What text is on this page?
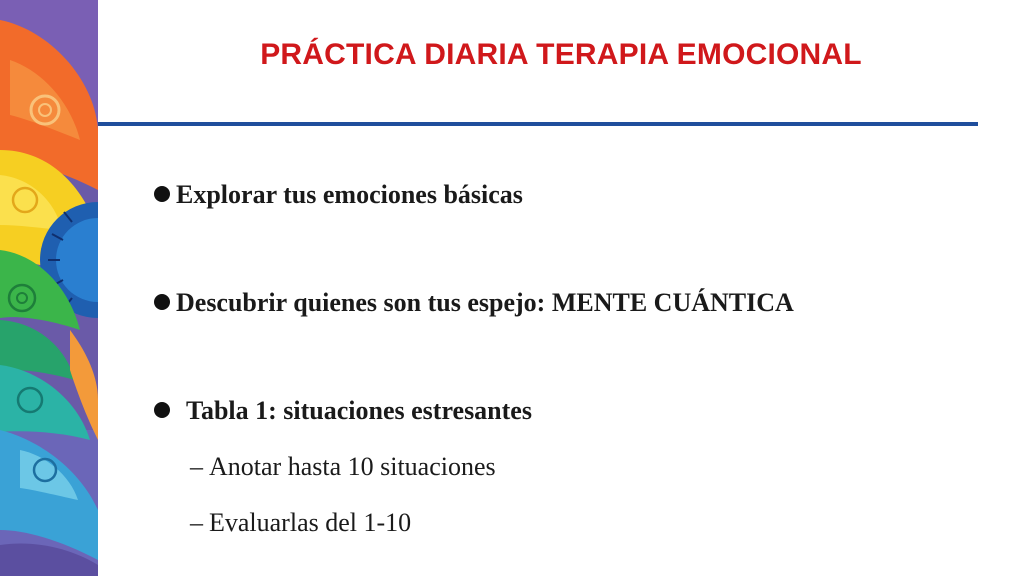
PRÁCTICA DIARIA TERAPIA EMOCIONAL
Explorar tus emociones básicas
Descubrir quienes son tus espejo: MENTE CUÁNTICA
Tabla 1: situaciones estresantes
– Anotar hasta 10 situaciones
– Evaluarlas del 1-10
